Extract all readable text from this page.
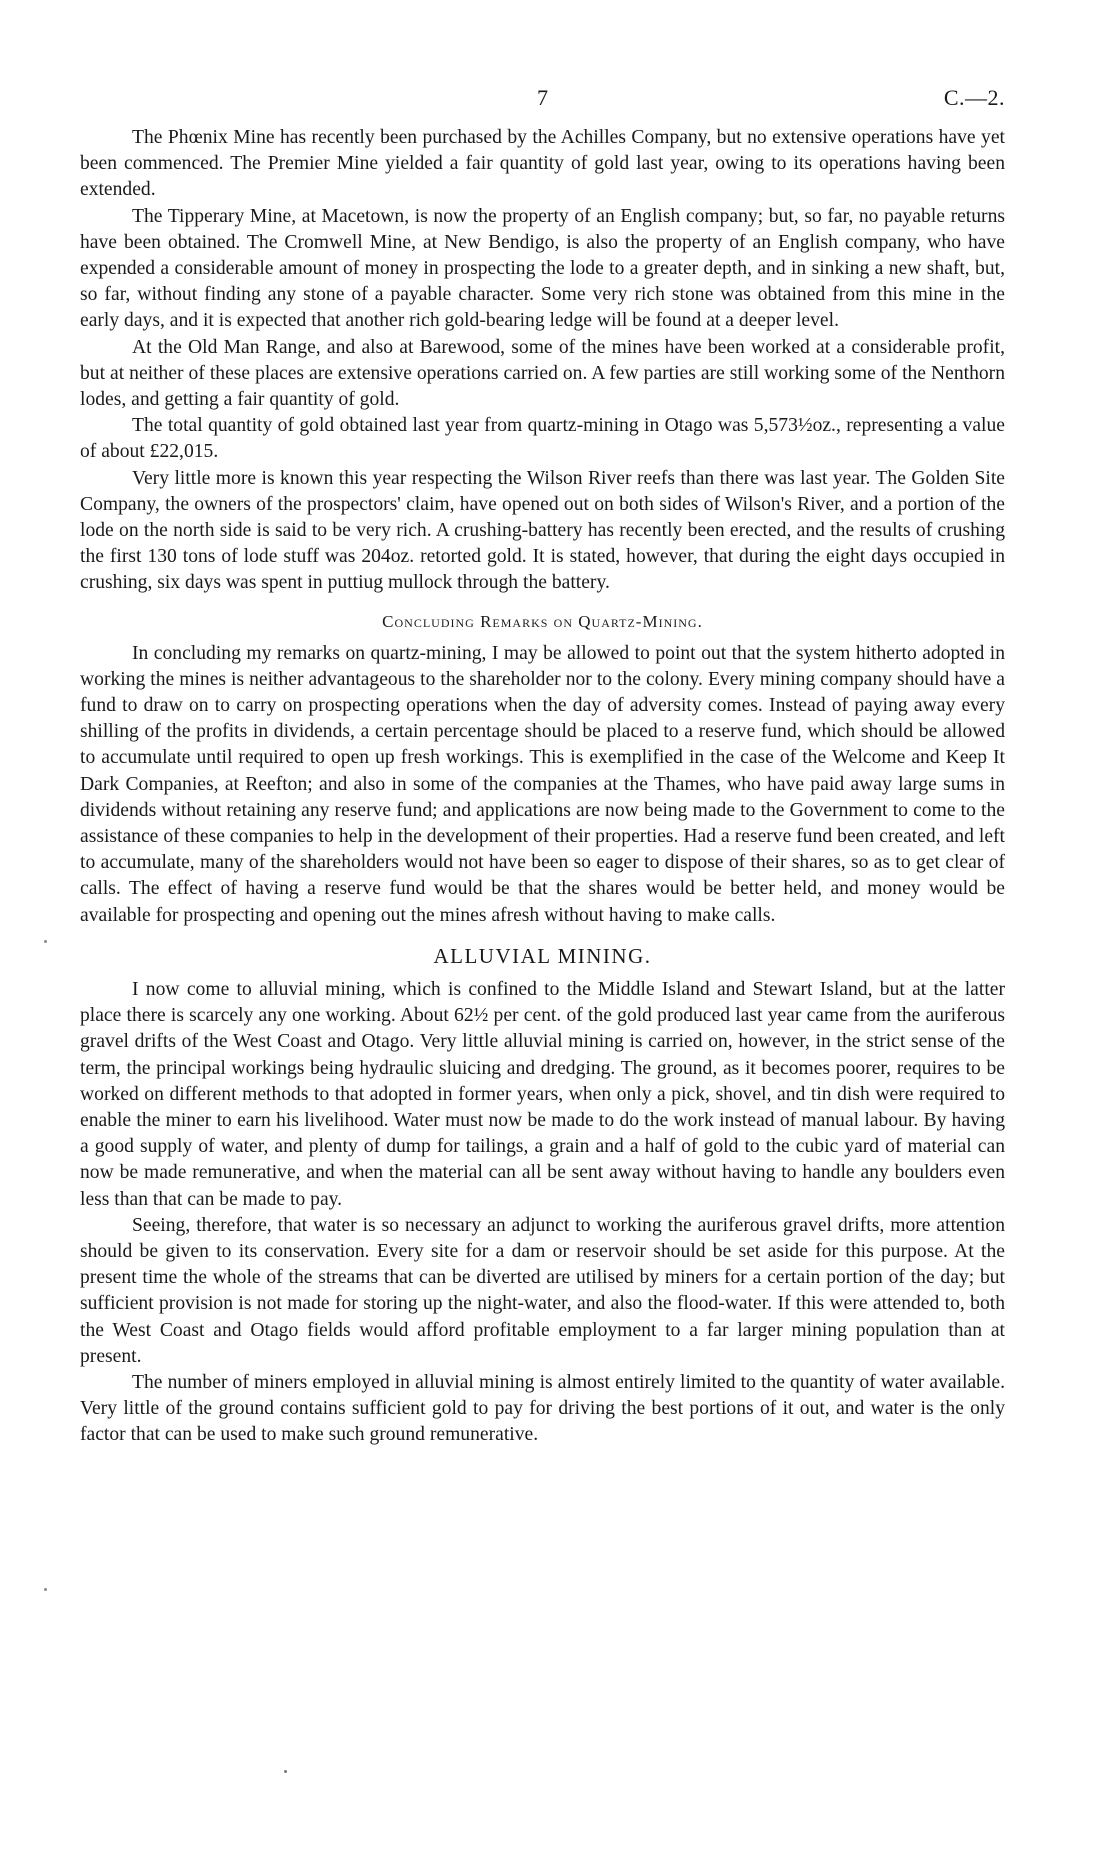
7	C.—2.

The Phœnix Mine has recently been purchased by the Achilles Company, but no extensive operations have yet been commenced. The Premier Mine yielded a fair quantity of gold last year, owing to its operations having been extended.

The Tipperary Mine, at Macetown, is now the property of an English company; but, so far, no payable returns have been obtained. The Cromwell Mine, at New Bendigo, is also the property of an English company, who have expended a considerable amount of money in prospecting the lode to a greater depth, and in sinking a new shaft, but, so far, without finding any stone of a payable character. Some very rich stone was obtained from this mine in the early days, and it is expected that another rich gold-bearing ledge will be found at a deeper level.

At the Old Man Range, and also at Barewood, some of the mines have been worked at a considerable profit, but at neither of these places are extensive operations carried on. A few parties are still working some of the Nenthorn lodes, and getting a fair quantity of gold.

The total quantity of gold obtained last year from quartz-mining in Otago was 5,573½oz., representing a value of about £22,015.

Very little more is known this year respecting the Wilson River reefs than there was last year. The Golden Site Company, the owners of the prospectors' claim, have opened out on both sides of Wilson's River, and a portion of the lode on the north side is said to be very rich. A crushing-battery has recently been erected, and the results of crushing the first 130 tons of lode stuff was 204oz. retorted gold. It is stated, however, that during the eight days occupied in crushing, six days was spent in puttiug mullock through the battery.

Concluding Remarks on Quartz-Mining.

In concluding my remarks on quartz-mining, I may be allowed to point out that the system hitherto adopted in working the mines is neither advantageous to the shareholder nor to the colony. Every mining company should have a fund to draw on to carry on prospecting operations when the day of adversity comes. Instead of paying away every shilling of the profits in dividends, a certain percentage should be placed to a reserve fund, which should be allowed to accumulate until required to open up fresh workings. This is exemplified in the case of the Welcome and Keep It Dark Companies, at Reefton; and also in some of the companies at the Thames, who have paid away large sums in dividends without retaining any reserve fund; and applications are now being made to the Government to come to the assistance of these companies to help in the development of their properties. Had a reserve fund been created, and left to accumulate, many of the shareholders would not have been so eager to dispose of their shares, so as to get clear of calls. The effect of having a reserve fund would be that the shares would be better held, and money would be available for prospecting and opening out the mines afresh without having to make calls.

ALLUVIAL MINING.

I now come to alluvial mining, which is confined to the Middle Island and Stewart Island, but at the latter place there is scarcely any one working. About 62½ per cent. of the gold produced last year came from the auriferous gravel drifts of the West Coast and Otago. Very little alluvial mining is carried on, however, in the strict sense of the term, the principal workings being hydraulic sluicing and dredging. The ground, as it becomes poorer, requires to be worked on different methods to that adopted in former years, when only a pick, shovel, and tin dish were required to enable the miner to earn his livelihood. Water must now be made to do the work instead of manual labour. By having a good supply of water, and plenty of dump for tailings, a grain and a half of gold to the cubic yard of material can now be made remunerative, and when the material can all be sent away without having to handle any boulders even less than that can be made to pay.

Seeing, therefore, that water is so necessary an adjunct to working the auriferous gravel drifts, more attention should be given to its conservation. Every site for a dam or reservoir should be set aside for this purpose. At the present time the whole of the streams that can be diverted are utilised by miners for a certain portion of the day; but sufficient provision is not made for storing up the night-water, and also the flood-water. If this were attended to, both the West Coast and Otago fields would afford profitable employment to a far larger mining population than at present.

The number of miners employed in alluvial mining is almost entirely limited to the quantity of water available. Very little of the ground contains sufficient gold to pay for driving the best portions of it out, and water is the only factor that can be used to make such ground remunerative.
